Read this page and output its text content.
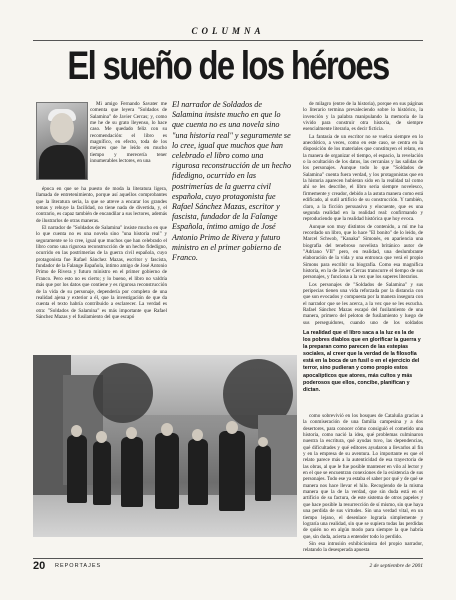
COLUMNA
El sueño de los héroes

Mi amigo Fernando Savater me comenta que leyera "Soldados de Salamina" de Javier Cercas; y, como me he de su grato lleyenso, lo hace caso. Me quedado feliz con su recomendación: el libro es magnífico, en efecto, toda de los mejores que he leído en mucho tiempo y merecería tener innumerables lectores, en una

época en que se ha puesto de moda la literatura ligera, llamada de entretenimiento, porque así aquellos comprobantes que la literatura seria, la que se atreve a encarar los grandes temas y rehuye la facilidad, no tiene nada de divertida, y, el contrario, es capaz también de encandilar a sus lectores, además de ilustrarlos de otras maneras.

El narrador de "Soldados de Salamina" insiste mucho en que lo que cuenta no es una novela sino "una historia real" y seguramente se lo cree, igual que muchos que han celebrado el libro como una rigurosa reconstrucción de un hecho fidedigno, ocurrido en las postrimerías de la guerra civil española, cuyo protagonista fue Rafael Sánchez Mazas, escritor y fascista, fundador de la Falange Española, íntimo amigo de José Antonio Primo de Rivera y futuro ministro en el primer gobierno de Franco. Pero esto no es cierto; y lo bueno, el libro no valdría más que por los datos que contiene y es rigurosa reconstrucción de la vida de su personaje, dependería por completo de una realidad ajena y exterior a él, que la investigación de que da cuenta el texto habría contribuido a esclarecer. La verdad es otra: "Soldados de Salamina" es más importante que Rafael Sánchez Mazas y el fusilamiento del que escapó

El narrador de Soldados de Salamina insiste mucho en que lo que cuenta no es una novela sino "una historia real" y seguramente se lo cree, igual que muchos que han celebrado el libro como una rigurosa reconstrucción de un hecho fidedigno, ocurrido en las postrimerías de la guerra civil española, cuyo protagonista fue Rafael Sánchez Mazas, escritor y fascista, fundador de la Falange Española, íntimo amigo de José Antonio Primo de Rivera y futuro ministro en el primer gobierno de Franco.

de milagro (entre de la historia), porque en sus páginas lo literario termina prevaleciendo sobre lo histórico, la invención y la palabra manipulando la memoria de la vivido para construir otra historia, de siempre esencialmente literaria, es decir ficticia.

La fantasía de un escritor no se vuelca siempre en lo anecdótico, a veces, como en este caso, se centra en la disposición de los materiales que constituyen el relato, en la manera de organizar el tiempo, el espacio, la revelación o la ocultación de los datos, las cercanías y las salidas de los personajes. Aunque todo lo que "Soldados de Salamina" cuenta fuera verdad, y los protagonistas que en la historia aparecen hubieran sido en la realidad tal como ahí se les describe, el libro seria siempre novelesco, firmemente y creador, debido a la astuta manera como está edificado, al sutil artificio de su construcción. Y también, claro, a la ficción persuasiva y elocuente, que es una segunda realidad en la realidad real: confirmando y reproduciendo que la realidad histórica que hoy evoca.

Aunque son muy distintos de contenido, a mí me ha recordado un libro, que lo hace "El bonito" de lo leído, de Marcel Schwob, "Kanaka" Simonès, en apariencia una biografía del tenebroso novelista británico autor de "Adriano VII" pero, en realidad, una deslumbrante elaboración de la vida y una entronca que verá el propio Simons para escribir su biografía. Como esa magnífica historia, en la de Javier Cercas transcurre el tiempo de sus personajes, y funciona a la vez que los superes literarios.

Los personajes de "Soldados de Salamina" y sus peripecias tienen una vida reforzada por la distancia con que son evocados y compuesta por la manera insegura con el narrador que se les acerca, a la vez que se les escucha. Rafael Sánchez Mazas escapó del fusilamiento de una manera, primero del peloton de fusilamiento y luego de sus perseguidores, cuando uno de los soldados

La realidad que el libro saca a la luz es la de los pobres diablos que en glorificar la guerra y la preparan como parecen de las estepias sociales, al creer que la verdad de la filosofía está en la boca de un fusil o en el ejercicio del terror, sino pudieran y como propio estos apocalípticos que atores, más cultos y más poderosos que ellos, concibe, planifican y dictan.

como sobrevivió en los bosques de Cataluña gracias a la conmiseración de una familia campesina y a dos desertores, para conocer cómo consiguió el cometido una historia, como nació la idea, qué problemas culminaron nuestra la escritura, qué ayudas tuvo, las dependencias, qué dificultades y qué editores ayudaron a llevarlos al fin y en la empresa de su aventura. Lo importante es que el relato parece más a la autenticidad de esa trayectoria de las obras, al que le fue posible mantener en vilo al lector y en el que se encuentran conexiones de la existencia de sus personajes. Todo ese ya estaba el saber por qué y de qué se manera nos hace llevar el hilo. Recogiendo de la misma manera que la de la verdad, que sin duda está en el artificio de su factura, de este sistema de otros papeles y que hace posible la resurrección de sí mismo, sin que haya una perdida de sus virtudes. Sin una verdad vital, en un tiempo lejano, el desenlace lograría simplemente y lograría una realidad, sin que se supiera todas las perdidas de quién no en algún modo para siempre la que habría que, sin duda, acierta a entender todo lo perdido.

Sin esa intrusión exhibicionista del propio narrador, relatando la desesperada apuesta

20 REPORTAJES	2 de septiembre de 2001
